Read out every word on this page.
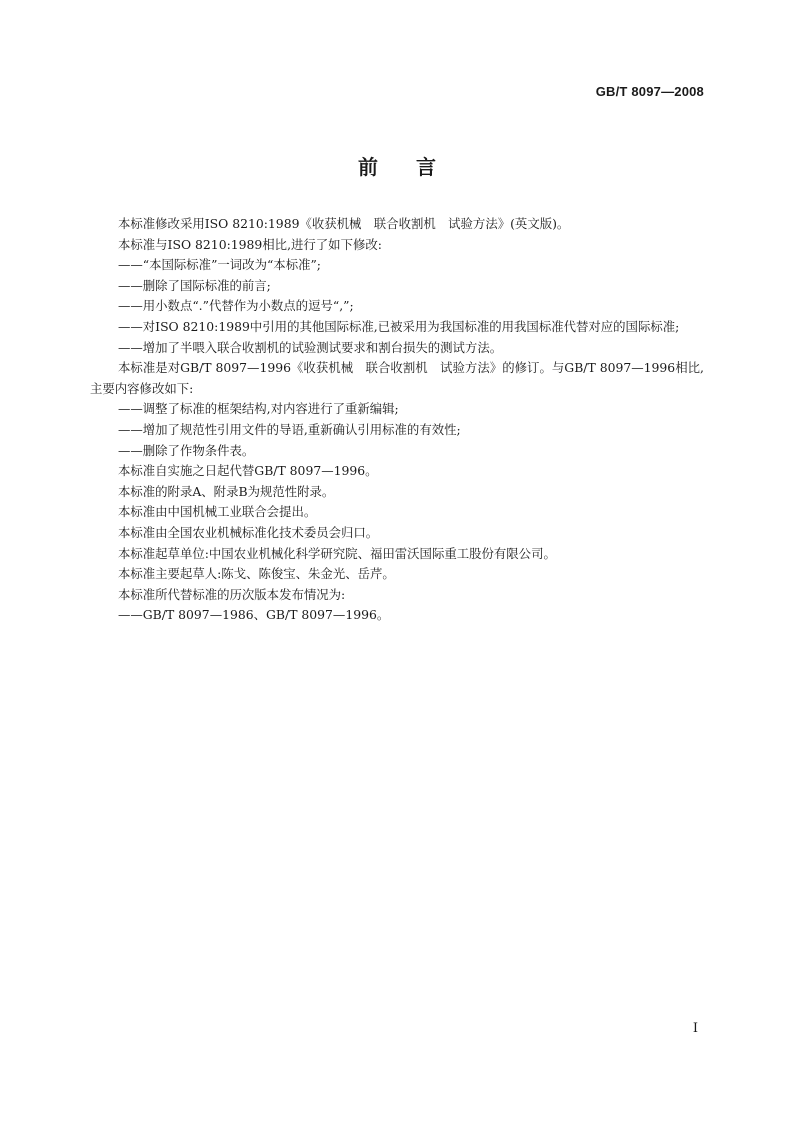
GB/T 8097—2008
前言

本标准修改采用ISO 8210:1989《收获机械　联合收割机　试验方法》(英文版)。

本标准与ISO 8210:1989相比,进行了如下修改:

——“本国际标准”一词改为“本标准”;

——删除了国际标准的前言;

——用小数点“.”代替作为小数点的逗号“,”;

——对ISO 8210:1989中引用的其他国际标准,已被采用为我国标准的用我国标准代替对应的国际标准;

——增加了半喂入联合收割机的试验测试要求和割台损失的测试方法。

本标准是对GB/T 8097—1996《收获机械　联合收割机　试验方法》的修订。与GB/T 8097—1996相比,主要内容修改如下:

——调整了标准的框架结构,对内容进行了重新编辑;

——增加了规范性引用文件的导语,重新确认引用标准的有效性;

——删除了作物条件表。

本标准自实施之日起代替GB/T 8097—1996。

本标准的附录A、附录B为规范性附录。

本标准由中国机械工业联合会提出。

本标准由全国农业机械标准化技术委员会归口。

本标准起草单位:中国农业机械化科学研究院、福田雷沃国际重工股份有限公司。

本标准主要起草人:陈戈、陈俊宝、朱金光、岳芹。

本标准所代替标准的历次版本发布情况为:

——GB/T 8097—1986、GB/T 8097—1996。

I
